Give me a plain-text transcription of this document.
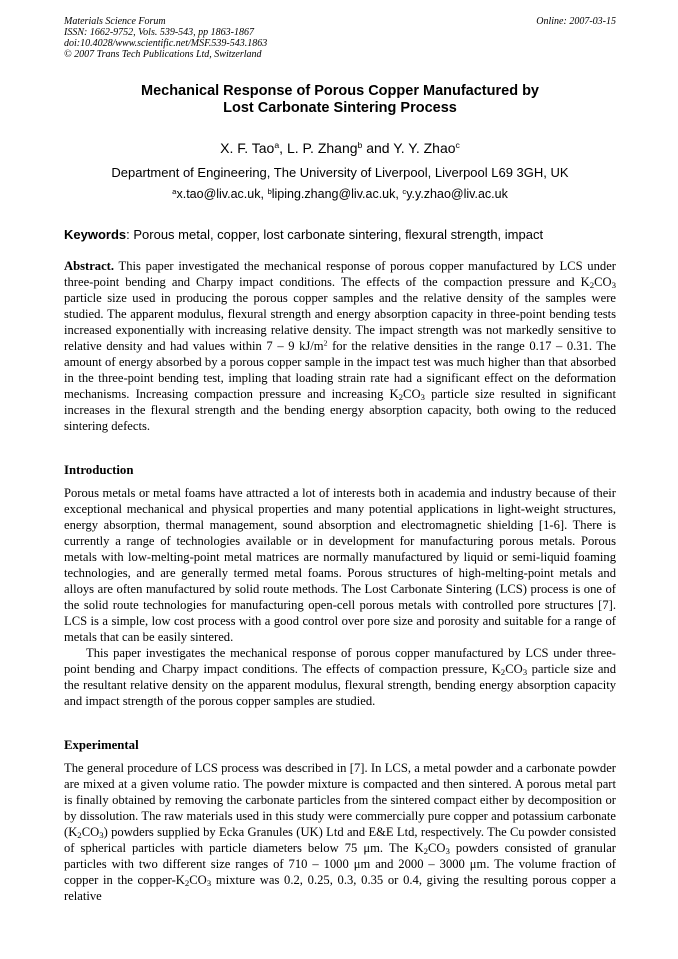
Materials Science Forum
ISSN: 1662-9752, Vols. 539-543, pp 1863-1867
doi:10.4028/www.scientific.net/MSF.539-543.1863
© 2007 Trans Tech Publications Ltd, Switzerland
Online: 2007-03-15
Mechanical Response of Porous Copper Manufactured by
Lost Carbonate Sintering Process
X. F. Tao$^a$, L. P. Zhang$^b$ and Y. Y. Zhao$^c$
Department of Engineering, The University of Liverpool, Liverpool L69 3GH, UK
$^a$x.tao@liv.ac.uk, $^b$liping.zhang@liv.ac.uk, $^c$y.y.zhao@liv.ac.uk
Keywords: Porous metal, copper, lost carbonate sintering, flexural strength, impact

Abstract. This paper investigated the mechanical response of porous copper manufactured by LCS under three-point bending and Charpy impact conditions. The effects of the compaction pressure and $K_2CO_3$ particle size used in producing the porous copper samples and the relative density of the samples were studied. The apparent modulus, flexural strength and energy absorption capacity in three-point bending tests increased exponentially with increasing relative density. The impact strength was not markedly sensitive to relative density and had values within 7 – 9 $kJ/m^2$ for the relative densities in the range 0.17 – 0.31. The amount of energy absorbed by a porous copper sample in the impact test was much higher than that absorbed in the three-point bending test, impling that loading strain rate had a significant effect on the deformation mechanisms. Increasing compaction pressure and increasing $K_2CO_3$ particle size resulted in significant increases in the flexural strength and the bending energy absorption capacity, both owing to the reduced sintering defects.

Introduction

Porous metals or metal foams have attracted a lot of interests both in academia and industry because of their exceptional mechanical and physical properties and many potential applications in light-weight structures, energy absorption, thermal management, sound absorption and electromagnetic shielding [1-6]. There is currently a range of technologies available or in development for manufacturing porous metals. Porous metals with low-melting-point metal matrices are normally manufactured by liquid or semi-liquid foaming technologies, and are generally termed metal foams. Porous structures of high-melting-point metals and alloys are often manufactured by solid route methods. The Lost Carbonate Sintering (LCS) process is one of the solid route technologies for manufacturing open-cell porous metals with controlled pore structures [7]. LCS is a simple, low cost process with a good control over pore size and porosity and suitable for a range of metals that can be easily sintered.

This paper investigates the mechanical response of porous copper manufactured by LCS under three-point bending and Charpy impact conditions. The effects of compaction pressure, $K_2CO_3$ particle size and the resultant relative density on the apparent modulus, flexural strength, bending energy absorption capacity and impact strength of the porous copper samples are studied.

Experimental

The general procedure of LCS process was described in [7]. In LCS, a metal powder and a carbonate powder are mixed at a given volume ratio. The powder mixture is compacted and then sintered. A porous metal part is finally obtained by removing the carbonate particles from the sintered compact either by decomposition or by dissolution. The raw materials used in this study were commercially pure copper and potassium carbonate $(K_2CO_3)$ powders supplied by Ecka Granules (UK) Ltd and E&E Ltd, respectively. The Cu powder consisted of spherical particles with particle diameters below 75 μm. The $K_2CO_3$ powders consisted of granular particles with two different size ranges of 710 – 1000 μm and 2000 – 3000 μm. The volume fraction of copper in the copper-$K_2CO_3$ mixture was 0.2, 0.25, 0.3, 0.35 or 0.4, giving the resulting porous copper a relative
